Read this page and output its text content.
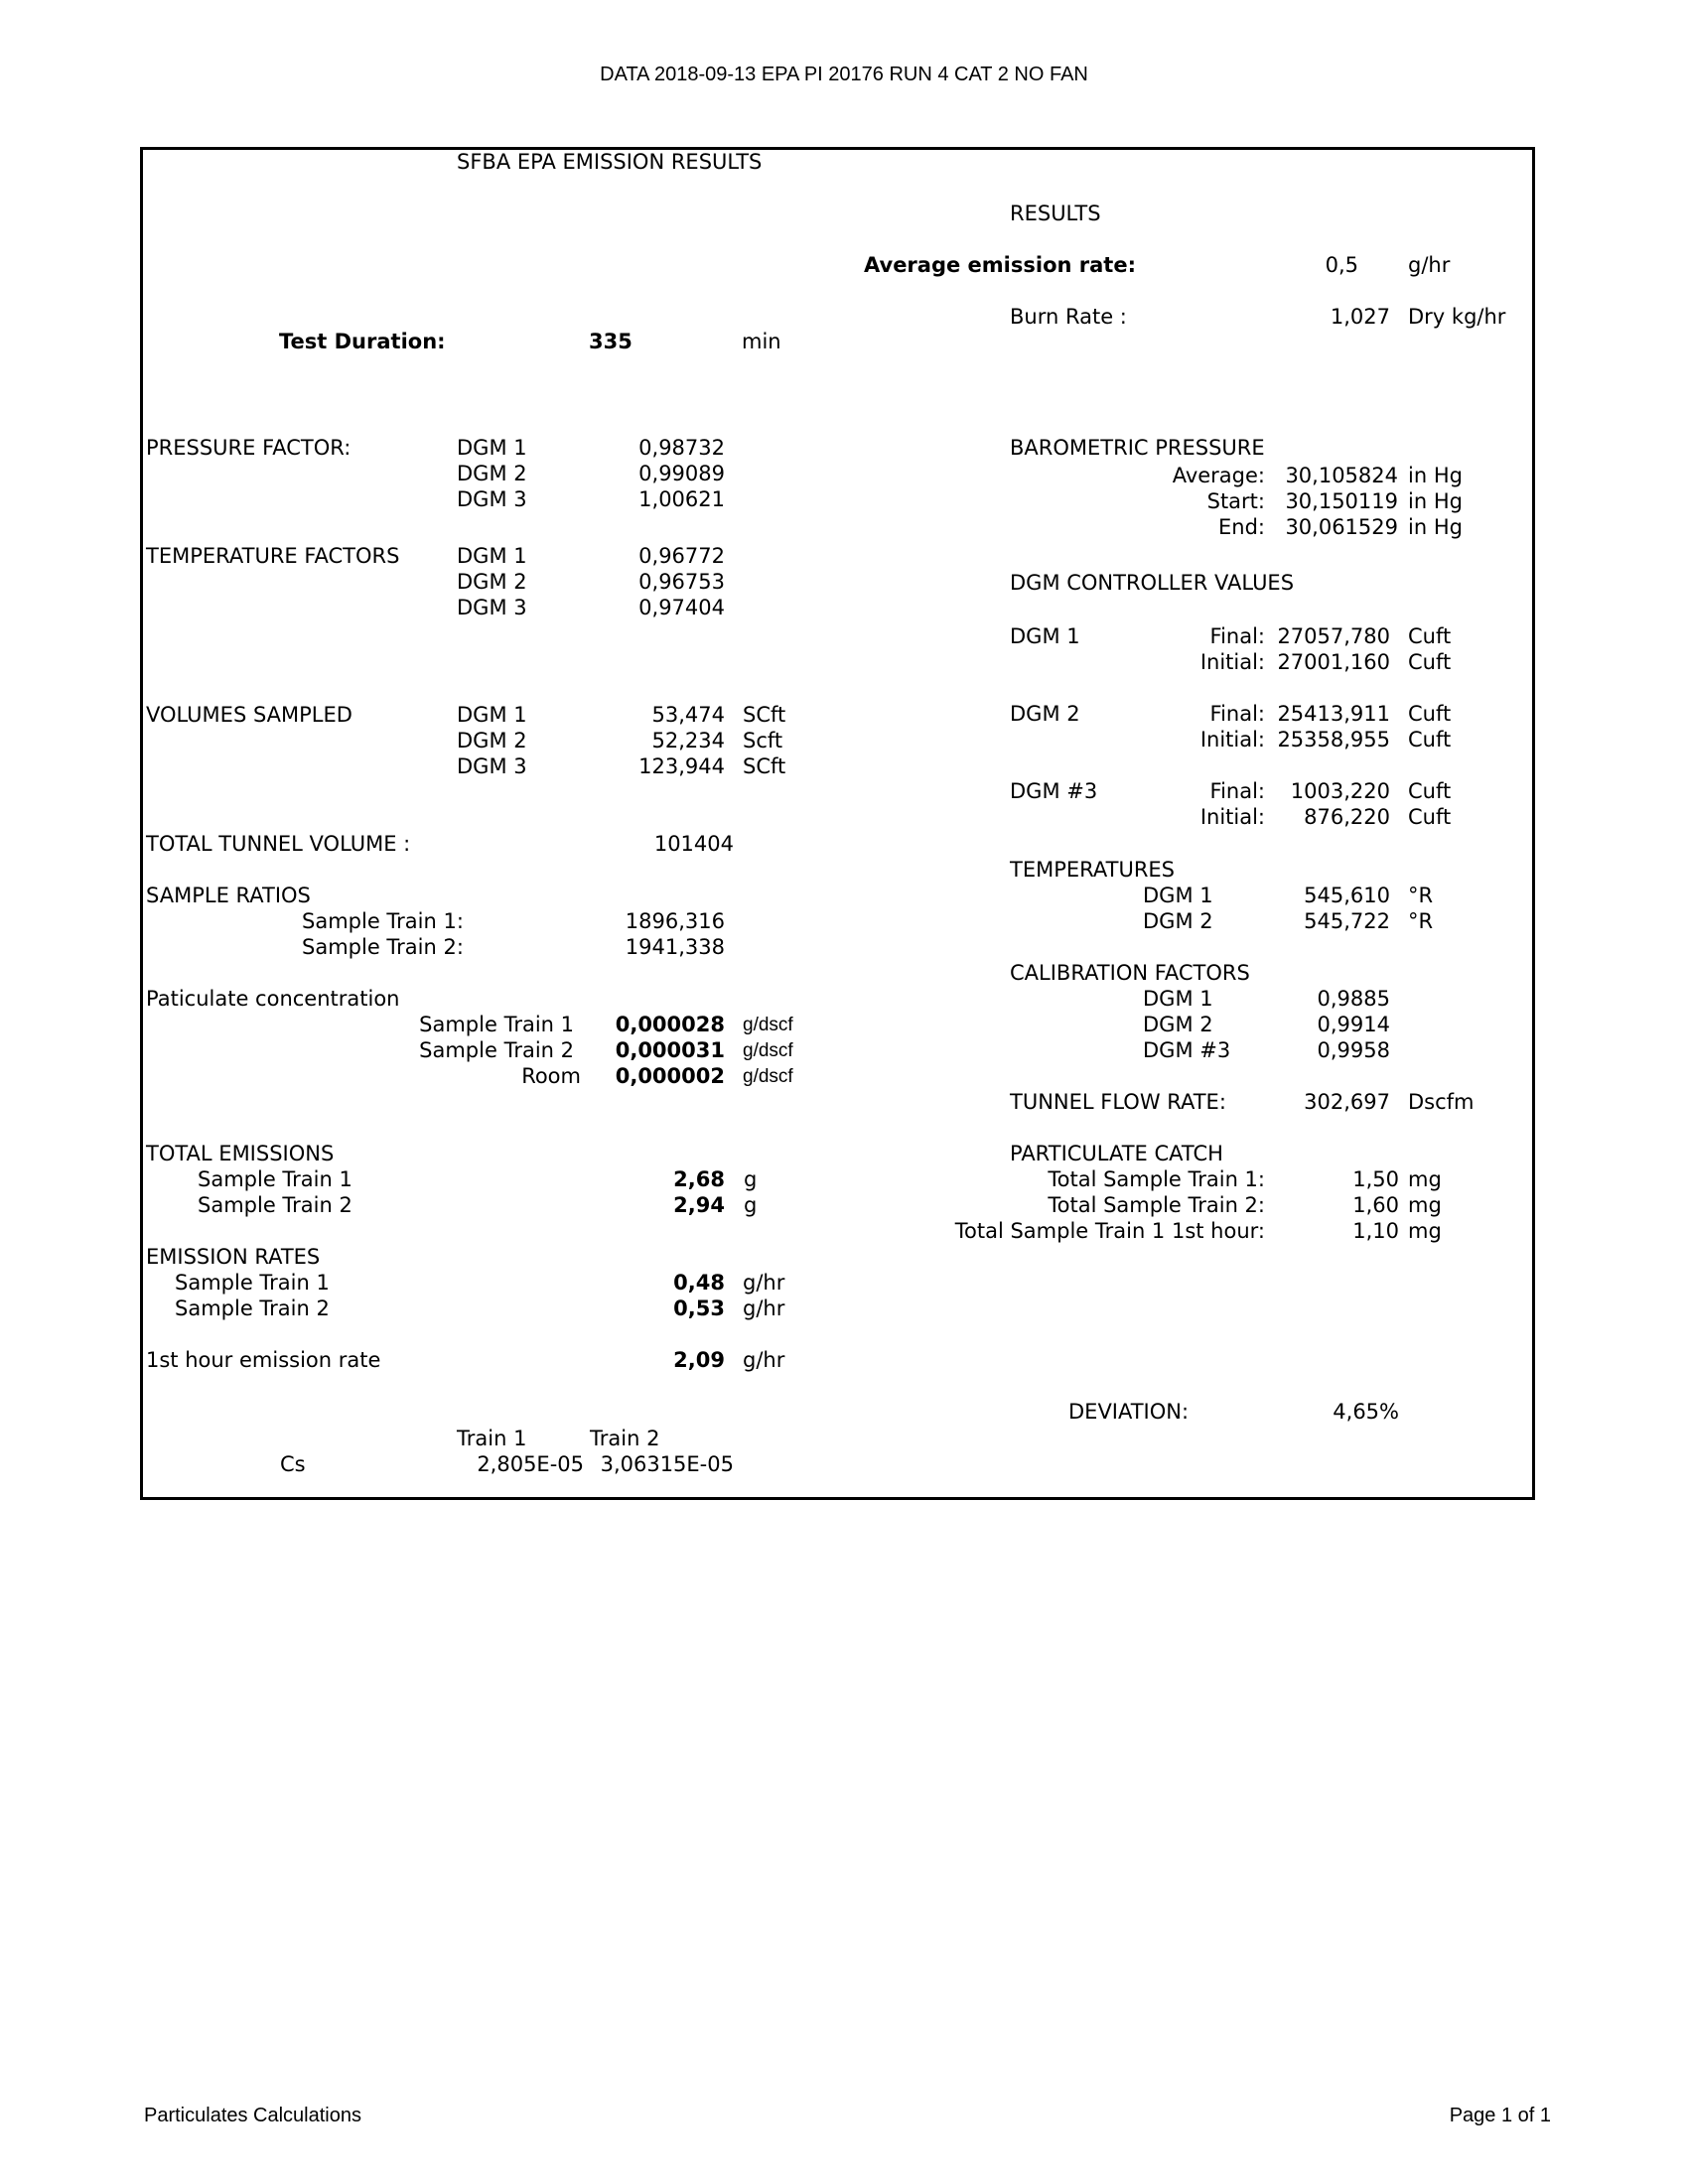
DATA 2018-09-13 EPA PI 20176 RUN 4 CAT 2 NO FAN
SFBA EPA EMISSION RESULTS
Test Duration:	335	min
PRESSURE FACTOR:	DGM 1	0,98732
DGM 2	0,99089
DGM 3	1,00621
TEMPERATURE FACTORS	DGM 1	0,96772
DGM 2	0,96753
DGM 3	0,97404
VOLUMES SAMPLED	DGM 1	53,474 SCft
DGM 2	52,234 Scft
DGM 3	123,944 SCft
TOTAL TUNNEL VOLUME :	101404
SAMPLE RATIOS
Sample Train 1:	1896,316
Sample Train 2:	1941,338
Paticulate concentration
Sample Train 1 0,000028 g/dscf
Sample Train 2 0,000031 g/dscf
Room 0,000002 g/dscf
TOTAL EMISSIONS
Sample Train 1	2,68 g
Sample Train 2	2,94 g
EMISSION RATES
Sample Train 1	0,48 g/hr
Sample Train 2	0,53 g/hr
1st hour emission rate	2,09 g/hr
Train 1	Train 2
Cs	2,805E-05 3,06315E-05
RESULTS
Average emission rate:	0,5 g/hr
Burn Rate :	1,027 Dry kg/hr
BAROMETRIC PRESSURE
Average: 30,105824 in Hg
Start: 30,150119 in Hg
End: 30,061529 in Hg
DGM CONTROLLER VALUES
DGM 1	Final: 27057,780 Cuft
Initial: 27001,160 Cuft
DGM 2	Final: 25413,911 Cuft
Initial: 25358,955 Cuft
DGM #3	Final: 1003,220 Cuft
Initial: 876,220 Cuft
TEMPERATURES
DGM 1	545,610 °R
DGM 2	545,722 °R
CALIBRATION FACTORS
DGM 1	0,9885
DGM 2	0,9914
DGM #3	0,9958
TUNNEL FLOW RATE:	302,697 Dscfm
PARTICULATE CATCH
Total Sample Train 1:	1,50 mg
Total Sample Train 2:	1,60 mg
Total Sample Train 1 1st hour:	1,10 mg
DEVIATION:	4,65%
Particulates Calculations	Page 1 of 1
